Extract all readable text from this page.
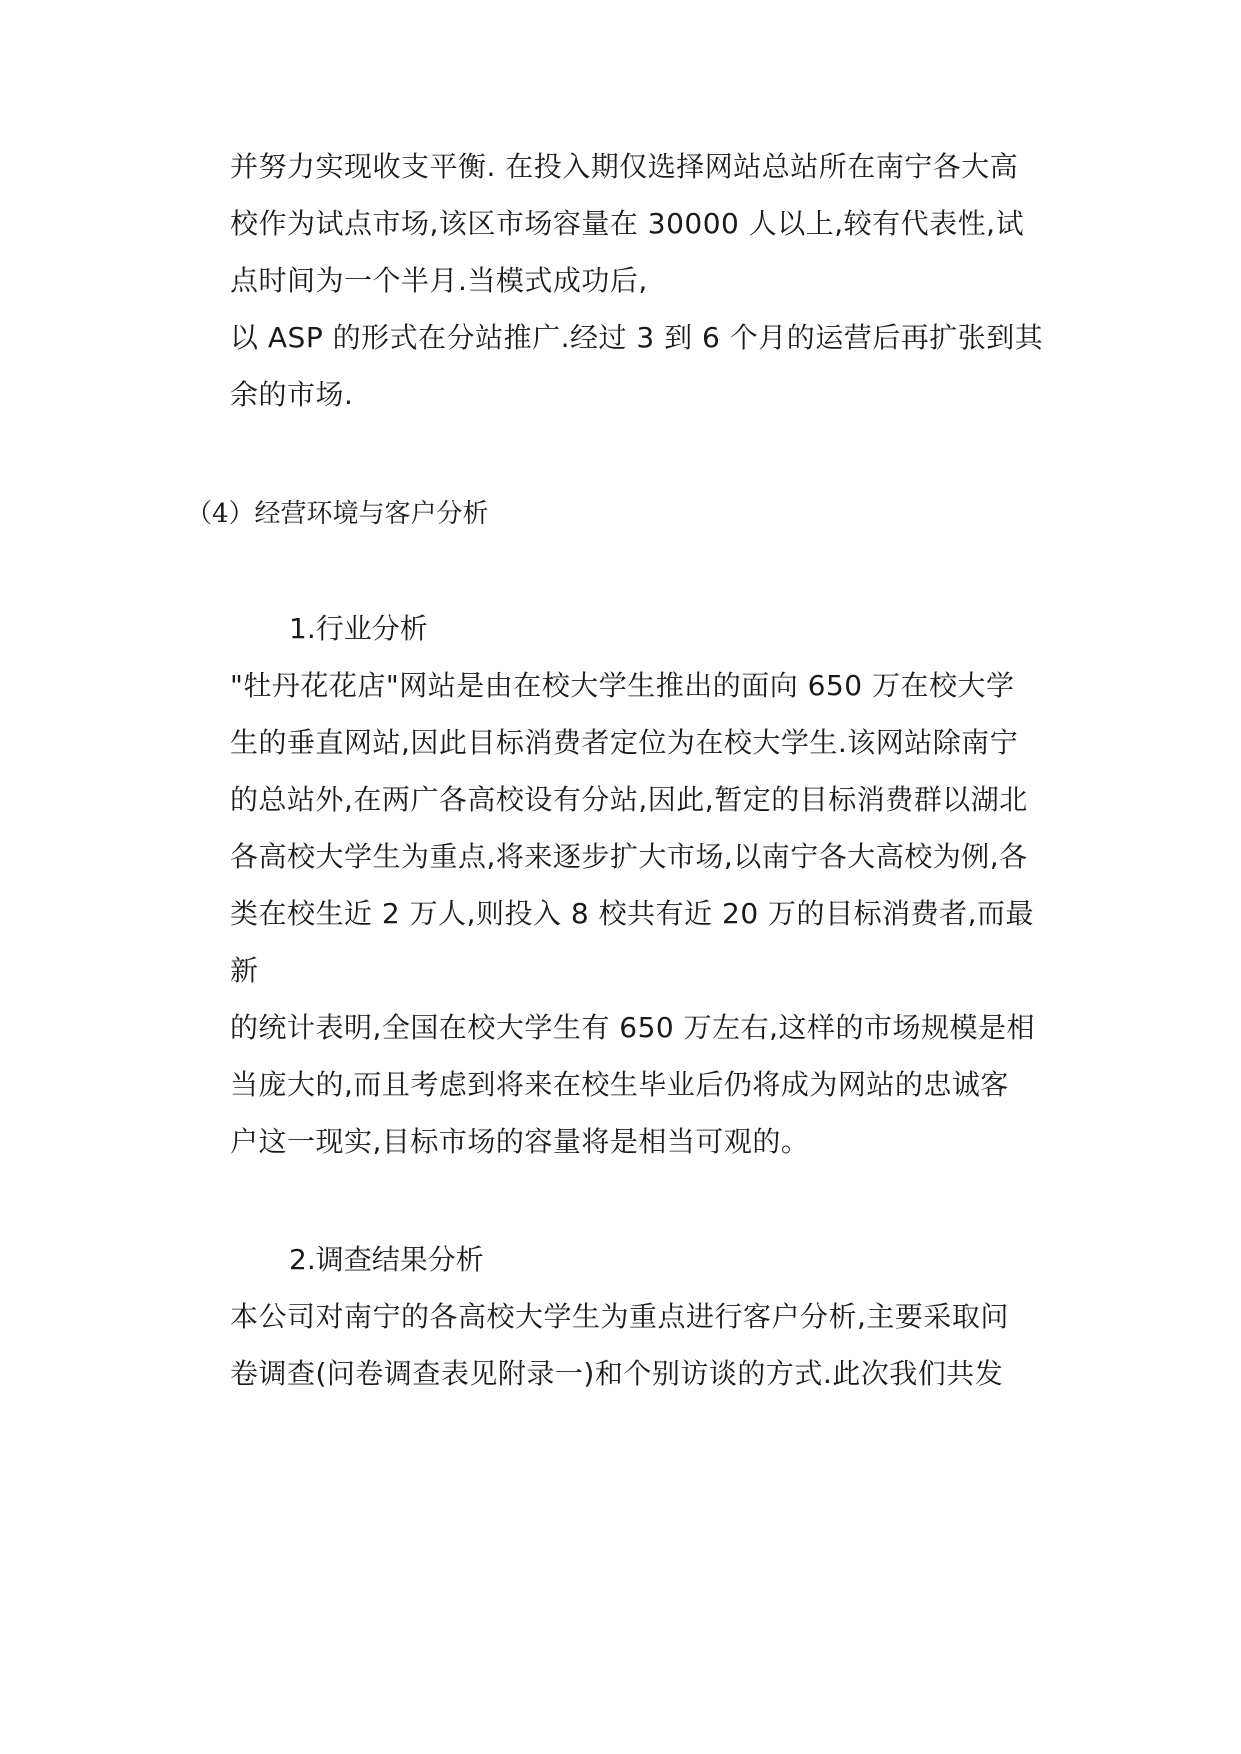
并努力实现收支平衡. 在投入期仅选择网站总站所在南宁各大高
校作为试点市场,该区市场容量在 30000 人以上,较有代表性,试
点时间为一个半月.当模式成功后,
以 ASP 的形式在分站推广.经过 3 到 6 个月的运营后再扩张到其
余的市场.
（4）经营环境与客户分析
1.行业分析
"牡丹花花店"网站是由在校大学生推出的面向 650 万在校大学
生的垂直网站,因此目标消费者定位为在校大学生.该网站除南宁
的总站外,在两广各高校设有分站,因此,暂定的目标消费群以湖北
各高校大学生为重点,将来逐步扩大市场,以南宁各大高校为例,各
类在校生近 2 万人,则投入 8 校共有近 20 万的目标消费者,而最
新
的统计表明,全国在校大学生有 650 万左右,这样的市场规模是相
当庞大的,而且考虑到将来在校生毕业后仍将成为网站的忠诚客
户这一现实,目标市场的容量将是相当可观的。
2.调查结果分析
本公司对南宁的各高校大学生为重点进行客户分析,主要采取问
卷调查(问卷调查表见附录一)和个别访谈的方式.此次我们共发
